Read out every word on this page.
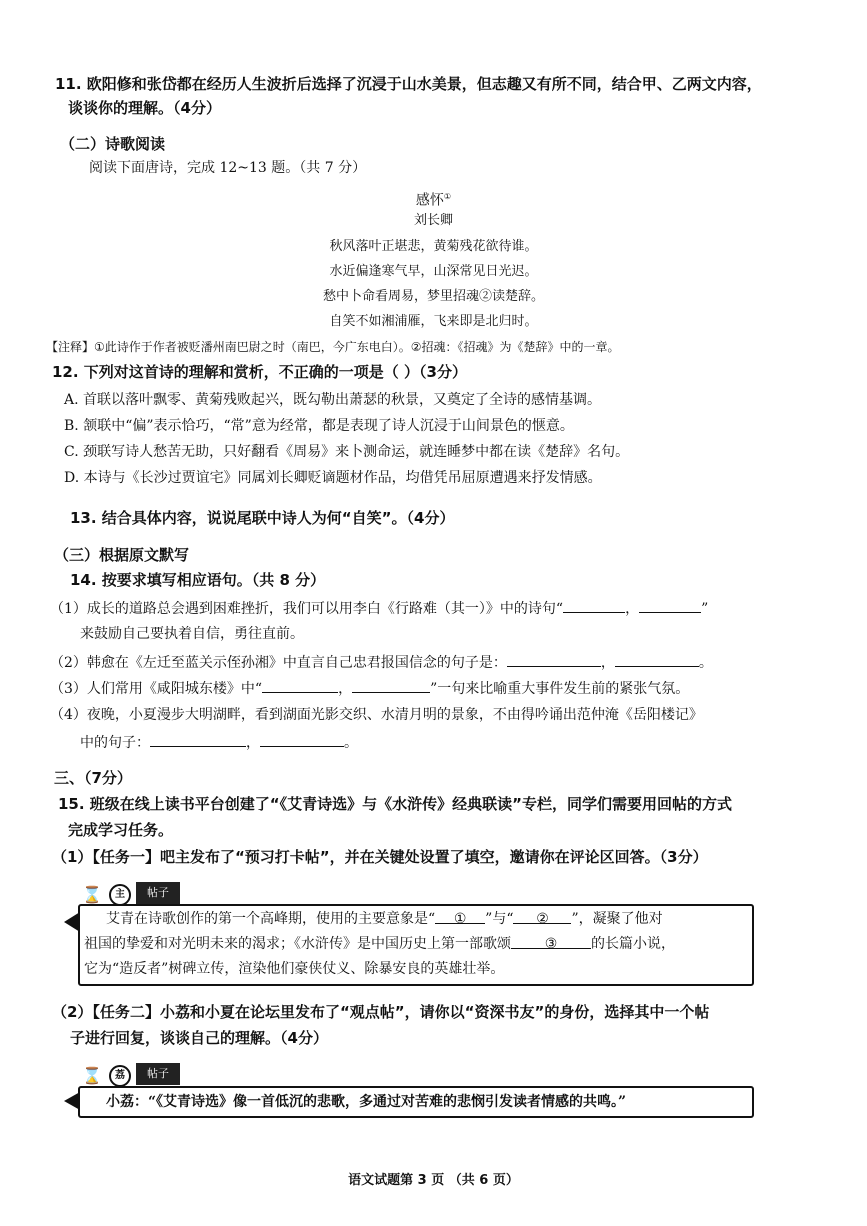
11. 欧阳修和张岱都在经历人生波折后选择了沉浸于山水美景，但志趣又有所不同，结合甲、乙两文内容，
谈谈你的理解。（4分）
（二）诗歌阅读
阅读下面唐诗，完成 12~13 题。（共 7 分）
感怀①
刘长卿
秋风落叶正堪悲，黄菊残花欲待谁。
水近偏逢寒气早，山深常见日光迟。
愁中卜命看周易，梦里招魂②读楚辞。
自笑不如湘浦雁，飞来即是北归时。
【注释】①此诗作于作者被贬潘州南巴尉之时（南巴，今广东电白）。②招魂：《招魂》为《楚辞》中的一章。
12. 下列对这首诗的理解和赏析，不正确的一项是（ ）（3分）
A. 首联以落叶飘零、黄菊残败起兴，既勾勒出萧瑟的秋景，又奠定了全诗的感情基调。
B. 颔联中“偏”表示恰巧，“常”意为经常，都是表现了诗人沉浸于山间景色的惬意。
C. 颈联写诗人愁苦无助，只好翻看《周易》来卜测命运，就连睡梦中都在读《楚辞》名句。
D. 本诗与《长沙过贾谊宅》同属刘长卿贬谪题材作品，均借凭吊屈原遭遇来抒发情感。
13. 结合具体内容，说说尾联中诗人为何“自笑”。（4分）
（三）根据原文默写
14. 按要求填写相应语句。（共 8 分）
（1）成长的道路总会遇到困难挫折，我们可以用李白《行路难（其一）》中的诗句“	，	”
来鼓励自己要执着自信，勇往直前。
（2）韩愈在《左迁至蓝关示侄孙湘》中直言自己忠君报国信念的句子是：	，	。
（3）人们常用《咸阳城东楼》中“	，	”一句来比喻重大事件发生前的紧张气氛。
（4）夜晚，小夏漫步大明湖畔，看到湖面光影交织、水清月明的景象，不由得吟诵出范仲淹《岳阳楼记》
中的句子：	，	。
三、（7分）
15. 班级在线上读书平台创建了“《艾青诗选》与《水浒传》经典联读”专栏，同学们需要用回帖的方式
完成学习任务。
（1）【任务一】吧主发布了“预习打卡帖”，并在关键处设置了填空，邀请你在评论区回答。（3分）
⌛	主	帖子
艾青在诗歌创作的第一个高峰期，使用的主要意象是“ ① ”与“ ② ”，凝聚了他对
祖国的挚爱和对光明未来的渴求；《水浒传》是中国历史上第一部歌颂 ③ 的长篇小说，
它为“造反者”树碑立传，渲染他们豪侠仗义、除暴安良的英雄壮举。
（2）【任务二】小荔和小夏在论坛里发布了“观点帖”，请你以“资深书友”的身份，选择其中一个帖
子进行回复，谈谈自己的理解。（4分）
⌛	荔	帖子
小荔：“《艾青诗选》像一首低沉的悲歌，多通过对苦难的悲悯引发读者情感的共鸣。”
语文试题第 3 页 （共 6 页）
